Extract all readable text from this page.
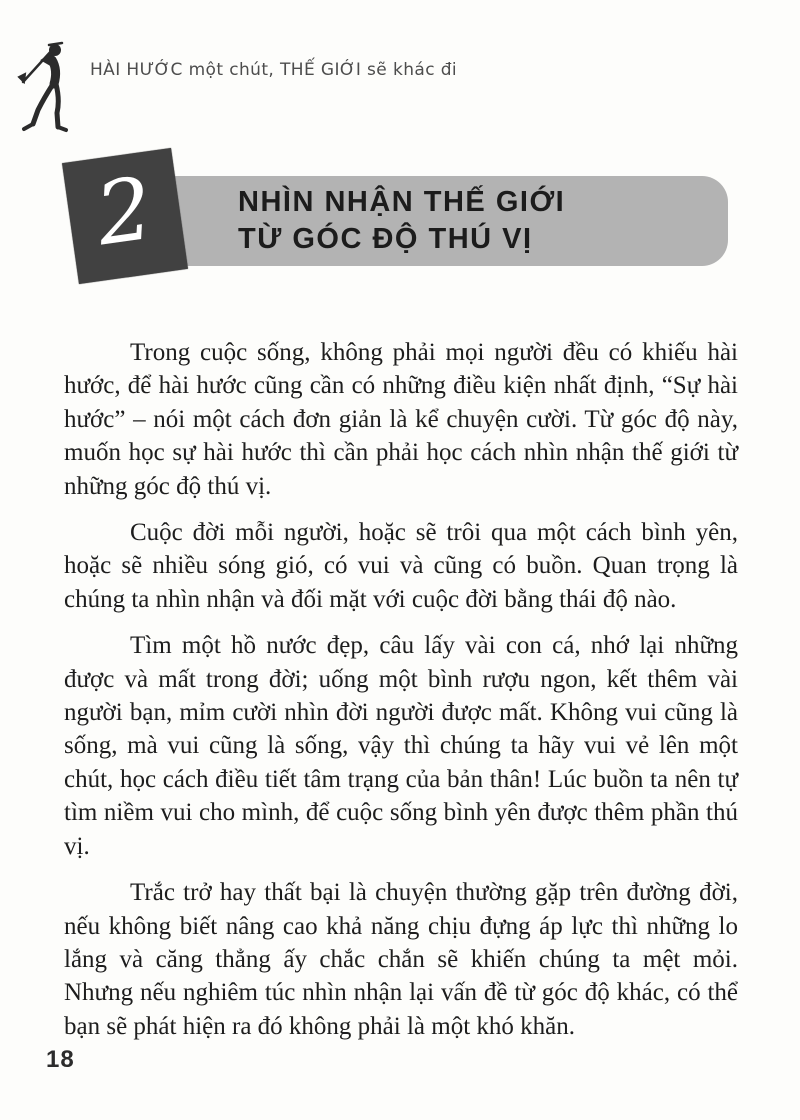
HÀI HƯỚC một chút, THẾ GIỚI sẽ khác đi
NHÌN NHẬN THẾ GIỚI
TỪ GÓC ĐỘ THÚ VỊ
2

Trong cuộc sống, không phải mọi người đều có khiếu hài hước, để hài hước cũng cần có những điều kiện nhất định, “Sự hài hước” – nói một cách đơn giản là kể chuyện cười. Từ góc độ này, muốn học sự hài hước thì cần phải học cách nhìn nhận thế giới từ những góc độ thú vị.

Cuộc đời mỗi người, hoặc sẽ trôi qua một cách bình yên, hoặc sẽ nhiều sóng gió, có vui và cũng có buồn. Quan trọng là chúng ta nhìn nhận và đối mặt với cuộc đời bằng thái độ nào.

Tìm một hồ nước đẹp, câu lấy vài con cá, nhớ lại những được và mất trong đời; uống một bình rượu ngon, kết thêm vài người bạn, mỉm cười nhìn đời người được mất. Không vui cũng là sống, mà vui cũng là sống, vậy thì chúng ta hãy vui vẻ lên một chút, học cách điều tiết tâm trạng của bản thân! Lúc buồn ta nên tự tìm niềm vui cho mình, để cuộc sống bình yên được thêm phần thú vị.

Trắc trở hay thất bại là chuyện thường gặp trên đường đời, nếu không biết nâng cao khả năng chịu đựng áp lực thì những lo lắng và căng thẳng ấy chắc chắn sẽ khiến chúng ta mệt mỏi. Nhưng nếu nghiêm túc nhìn nhận lại vấn đề từ góc độ khác, có thể bạn sẽ phát hiện ra đó không phải là một khó khăn.

18
